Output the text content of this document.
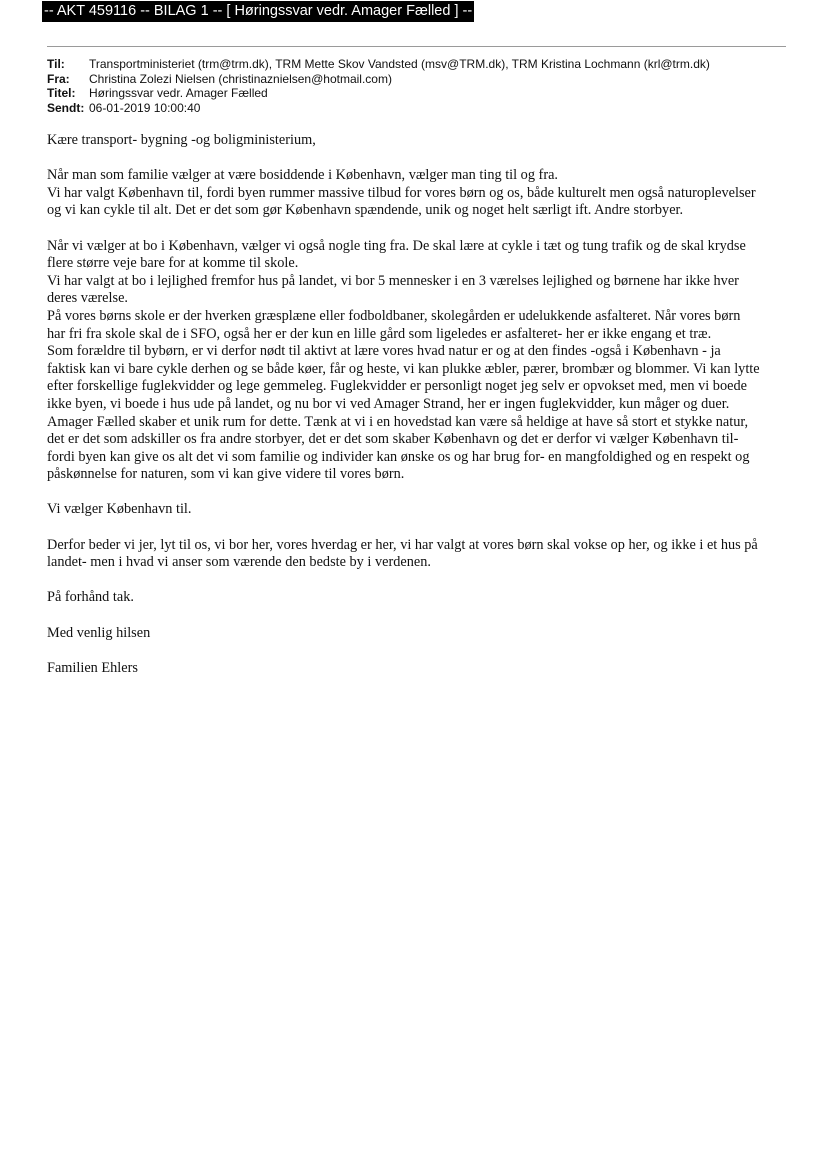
-- AKT 459116 -- BILAG 1 -- [ Høringssvar vedr. Amager Fælled ] --
Til:	Transportministeriet (trm@trm.dk), TRM Mette Skov Vandsted (msv@TRM.dk), TRM Kristina Lochmann (krl@trm.dk)
Fra:	Christina Zolezi Nielsen (christinaznielsen@hotmail.com)
Titel:	Høringssvar vedr. Amager Fælled
Sendt: 06-01-2019 10:00:40

Kære transport- bygning -og boligministerium,

Når man som familie vælger at være bosiddende i København, vælger man ting til og fra.

Vi har valgt København til, fordi byen rummer massive tilbud for vores børn og os, både kulturelt men også naturoplevelser

og vi kan cykle til alt. Det er det som gør København spændende, unik og noget helt særligt ift. Andre storbyer.

Når vi vælger at bo i København, vælger vi også nogle ting fra. De skal lære at cykle i tæt og tung trafik og de skal krydse

flere større veje bare for at komme til skole.

Vi har valgt at bo i lejlighed fremfor hus på landet, vi bor 5 mennesker i en 3 værelses lejlighed og børnene har ikke hver

deres værelse.

På vores børns skole er der hverken græsplæne eller fodboldbaner, skolegården er udelukkende asfalteret. Når vores børn

har fri fra skole skal de i SFO, også her er der kun en lille gård som ligeledes er asfalteret- her er ikke engang et træ.

Som forældre til bybørn, er vi derfor nødt til aktivt at lære vores hvad natur er og at den findes -også i København - ja

faktisk kan vi bare cykle derhen og se både køer, får og heste, vi kan plukke æbler, pærer, brombær og blommer. Vi kan lytte

efter forskellige fuglekvidder og lege gemmeleg. Fuglekvidder er personligt noget jeg selv er opvokset med, men vi boede

ikke byen, vi boede i hus ude på landet, og nu bor vi ved Amager Strand, her er ingen fuglekvidder, kun måger og duer.

Amager Fælled skaber et unik rum for dette. Tænk at vi i en hovedstad kan være så heldige at have så stort et stykke natur,

det er det som adskiller os fra andre storbyer, det er det som skaber København og det er derfor vi vælger København til-

fordi byen kan give os alt det vi som familie og individer kan ønske os og har brug for- en mangfoldighed og en respekt og

påskønnelse for naturen, som vi kan give videre til vores børn.

Vi vælger København til.

Derfor beder vi jer, lyt til os, vi bor her, vores hverdag er her, vi har valgt at vores børn skal vokse op her, og ikke i et hus på

landet- men i hvad vi anser som værende den bedste by i verdenen.

På forhånd tak.

Med venlig hilsen

Familien Ehlers
